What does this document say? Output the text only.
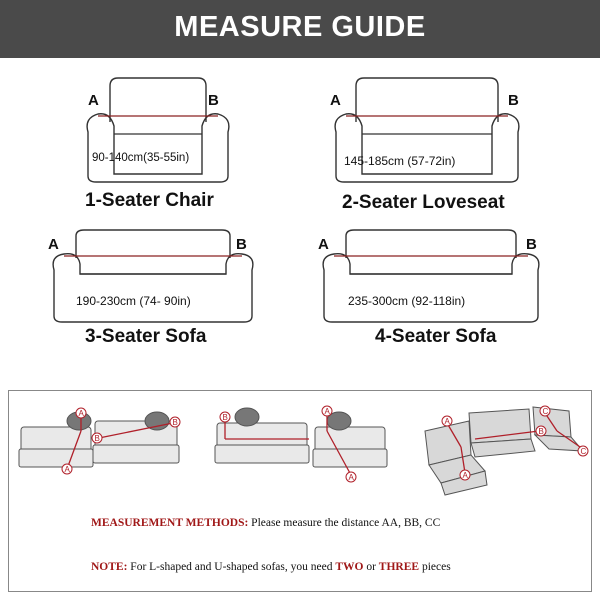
MEASURE GUIDE
A	B
90-140cm(35-55in)
1-Seater Chair
A	B
145-185cm (57-72in)
2-Seater Loveseat
A	B
190-230cm (74- 90in)
3-Seater Sofa
A	B
235-300cm (92-118in)
4-Seater Sofa
A
A
B
B
B
A
A
A
A
B
C
C
MEASUREMENT METHODS: Please measure the distance AA, BB, CC
NOTE: For L-shaped and U-shaped sofas, you need TWO or THREE pieces
